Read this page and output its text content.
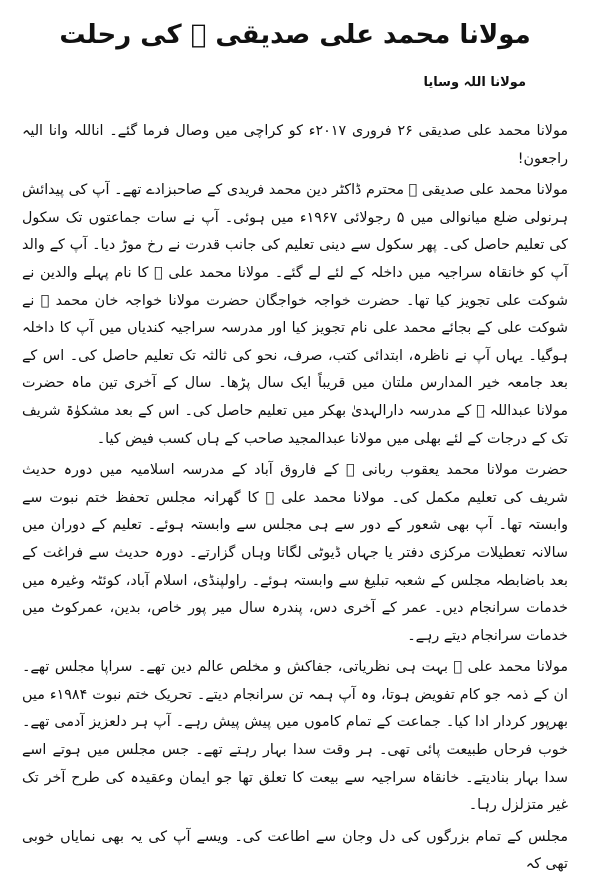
مولانا محمد علی صدیقی ﷫ کی رحلت
مولانا اللہ وسایا

مولانا محمد علی صدیقی ۲۶ فروری ۲۰۱۷ء کو کراچی میں وصال فرما گئے۔ اناللہ وانا الیہ راجعون!

مولانا محمد علی صدیقی ﷫ محترم ڈاکٹر دین محمد فریدی کے صاحبزادے تھے۔ آپ کی پیدائش ہرنولی ضلع میانوالی میں ۵ رجولائی ۱۹۶۷ء میں ہوئی۔ آپ نے سات جماعتوں تک سکول کی تعلیم حاصل کی۔ پھر سکول سے دینی تعلیم کی جانب قدرت نے رخ موڑ دیا۔ آپ کے والد آپ کو خانقاہ سراجیہ میں داخلہ کے لئے لے گئے۔ مولانا محمد علی ﷫ کا نام پہلے والدین نے شوکت علی تجویز کیا تھا۔ حضرت خواجہ خواجگان حضرت مولانا خواجہ خان محمد ﷫ نے شوکت علی کے بجائے محمد علی نام تجویز کیا اور مدرسہ سراجیہ کندیاں میں آپ کا داخلہ ہوگیا۔ یہاں آپ نے ناظرہ، ابتدائی کتب، صرف، نحو کی ثالثہ تک تعلیم حاصل کی۔ اس کے بعد جامعہ خیر المدارس ملتان میں قریباً ایک سال پڑھا۔ سال کے آخری تین ماہ حضرت مولانا عبداللہ ﷫ کے مدرسہ دارالہدیٰ بھکر میں تعلیم حاصل کی۔ اس کے بعد مشکوٰۃ شریف تک کے درجات کے لئے بھلی میں مولانا عبدالمجید صاحب کے ہاں کسب فیض کیا۔

حضرت مولانا محمد یعقوب ربانی ﷫ کے فاروق آباد کے مدرسہ اسلامیہ میں دورہ حدیث شریف کی تعلیم مکمل کی۔ مولانا محمد علی ﷫ کا گھرانہ مجلس تحفظ ختم نبوت سے وابستہ تھا۔ آپ بھی شعور کے دور سے ہی مجلس سے وابستہ ہوئے۔ تعلیم کے دوران میں سالانہ تعطیلات مرکزی دفتر یا جہاں ڈیوٹی لگاتا وہاں گزارتے۔ دورہ حدیث سے فراغت کے بعد باضابطہ مجلس کے شعبہ تبلیغ سے وابستہ ہوئے۔ راولپنڈی، اسلام آباد، کوئٹہ وغیرہ میں خدمات سرانجام دیں۔ عمر کے آخری دس، پندرہ سال میر پور خاص، بدین، عمرکوٹ میں خدمات سرانجام دیتے رہے۔

مولانا محمد علی ﷫ بہت ہی نظریاتی، جفاکش و مخلص عالم دین تھے۔ سراپا مجلس تھے۔ ان کے ذمہ جو کام تفویض ہوتا، وہ آپ ہمہ تن سرانجام دیتے۔ تحریک ختم نبوت ۱۹۸۴ء میں بھرپور کردار ادا کیا۔ جماعت کے تمام کاموں میں پیش پیش رہے۔ آپ ہر دلعزیز آدمی تھے۔ خوب فرحاں طبیعت پائی تھی۔ ہر وقت سدا بہار رہتے تھے۔ جس مجلس میں ہوتے اسے سدا بہار بنادیتے۔ خانقاہ سراجیہ سے بیعت کا تعلق تھا جو ایمان وعقیدہ کی طرح آخر تک غیر متزلزل رہا۔

مجلس کے تمام بزرگوں کی دل وجان سے اطاعت کی۔ ویسے آپ کی یہ بھی نمایاں خوبی تھی کہ
